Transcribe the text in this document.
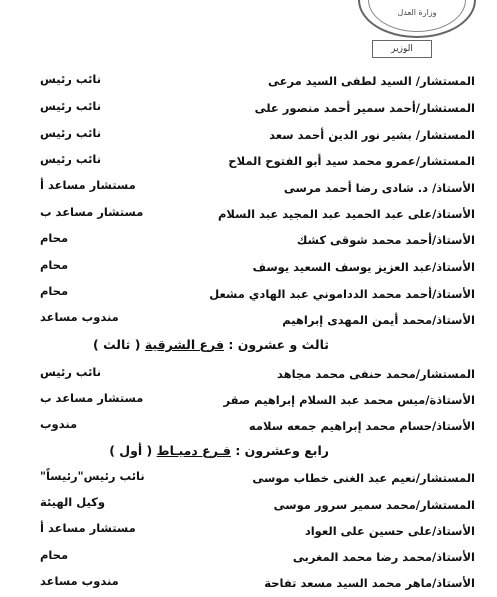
وزارة العدل
الوزير
المستشار/ السيد لطفى السيد مرعى
نائب رئيس
المستشار/أحمد سمير أحمد منصور على
نائب رئيس
المستشار/ بشير نور الدين أحمد سعد
نائب رئيس
المستشار/عمرو محمد سيد أبو الفتوح الملاح
نائب رئيس
الأستاذ/ د. شادى رضا أحمد مرسى
مستشار مساعد أ
الأستاذ/على عبد الحميد عبد المجيد عبد السلام
مستشار مساعد ب
الأستاذ/أحمد محمد شوقى كشك
محام
الأستاذ/عبد العزيز يوسف السعيد يوسف
محام
الأستاذ/أحمد محمد الدداموني عبد الهادي مشعل
محام
الأستاذ/محمد أيمن المهدى إبراهيم
مندوب مساعد
ثالث و عشرون : فرع الشرقية ( ثالث )
المستشار/محمد حنفى محمد مجاهد
نائب رئيس
الأستاذة/ميس محمد عبد السلام إبراهيم صقر
مستشار مساعد ب
الأستاذ/حسام محمد إبراهيم جمعه سلامه
مندوب
رابع وعشرون : فـرع دميـاط ( أول )
المستشار/نعيم عبد الغنى خطاب موسى
نائب رئيس"رئيساً"
المستشار/محمد سمير سرور موسى
وكيل الهيئة
الأستاذ/على حسين على العواد
مستشار مساعد أ
الأستاذ/محمد رضا محمد المغربى
محام
الأستاذ/ماهر محمد السيد مسعد تفاحة
مندوب مساعد
